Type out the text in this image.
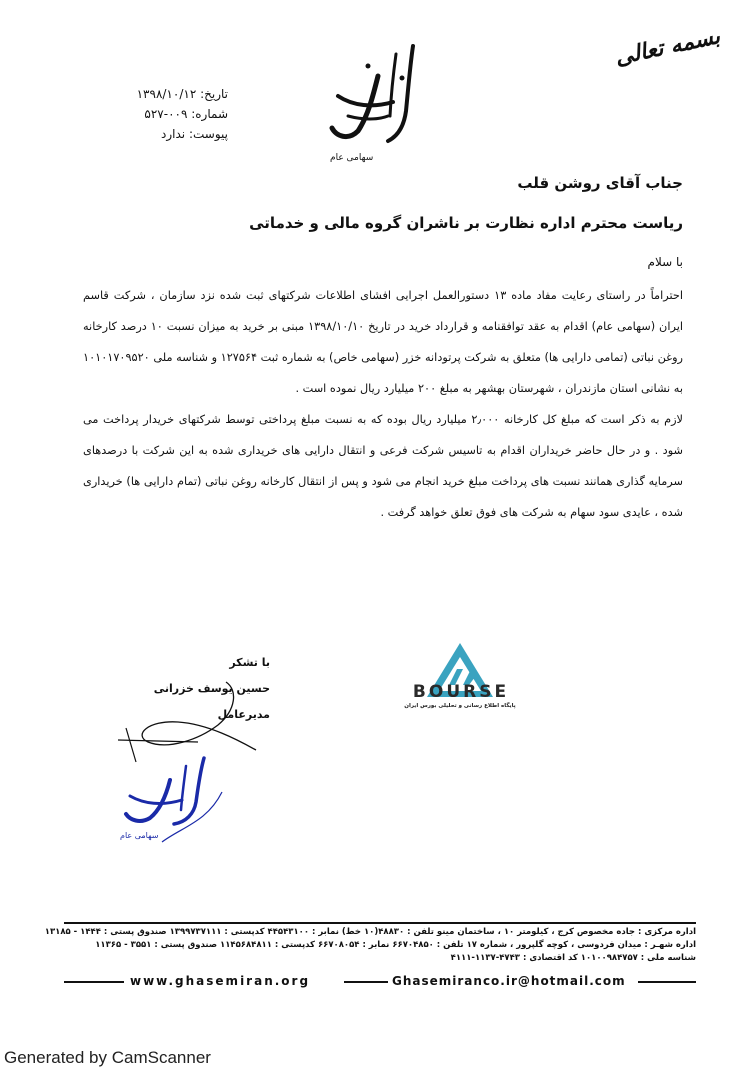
بسمه تعالی
سهامی عام
تاریخ: ۱۳۹۸/۱۰/۱۲
شماره: ۰۰۹-۵۲۷
پیوست: ندارد
جناب آقای روشن قلب
ریاست محترم اداره نظارت بر ناشران گروه مالی و خدماتی
با سلام

احتراماً در راستای رعایت مفاد ماده ۱۳ دستورالعمل اجرایی افشای اطلاعات شرکتهای ثبت شده نزد سازمان ، شرکت قاسم ایران (سهامی عام) اقدام به عقد توافقنامه و قرارداد خرید در تاریخ ۱۳۹۸/۱۰/۱۰ مبنی بر خرید به میزان نسبت ۱۰ درصد کارخانه روغن نباتی (تمامی دارایی ها) متعلق به شرکت پرتودانه خزر (سهامی خاص) به شماره ثبت ۱۲۷۵۶۴ و شناسه ملی ۱۰۱۰۱۷۰۹۵۲۰ به نشانی استان مازندران ، شهرستان بهشهر به مبلغ ۲۰۰ میلیارد ریال نموده است .

لازم به ذکر است که مبلغ کل کارخانه ۲٫۰۰۰ میلیارد ریال بوده که به نسبت مبلغ پرداختی توسط شرکتهای خریدار پرداخت می شود . و در حال حاضر خریداران اقدام به تاسیس شرکت فرعی و انتقال دارایی های خریداری شده به این شرکت با درصدهای سرمایه گذاری همانند نسبت های پرداخت مبلغ خرید انجام می شود و پس از انتقال کارخانه روغن نباتی (تمام دارایی ها) خریداری شده ، عایدی سود سهام به شرکت های فوق تعلق خواهد گرفت .

BOURSE
پایگاه اطلاع رسانی و تحلیلی بورس ایران
با تشکر
حسین یوسف خزرانی
مدیرعامل
سهامی عام
اداره مرکزی : جاده مخصوص کرج ، کیلومتر ۱۰ ، ساختمان مینو تلفن : ۴۸۸۳۰(۱۰ خط) نمابر : ۴۴۵۴۳۱۰۰ کدپستی : ۱۳۹۹۷۳۷۱۱۱ صندوق پستی : ۱۴۴۴ - ۱۳۱۸۵
اداره شهـر : میدان فردوسی ، کوچه گلپرور ، شماره ۱۷ تلفن : ۶۶۷۰۴۸۵۰ نمابر : ۶۶۷۰۸۰۵۴ کدپستی : ۱۱۴۵۶۸۴۸۱۱ صندوق پستی : ۳۵۵۱ - ۱۱۳۶۵
شناسه ملی : ۱۰۱۰۰۹۸۴۷۵۷ کد اقتصادی : ۴۷۴۳-۱۱۳۷-۴۱۱۱
www.ghasemiran.org	Ghasemiranco.ir@hotmail.com
Generated by CamScanner
